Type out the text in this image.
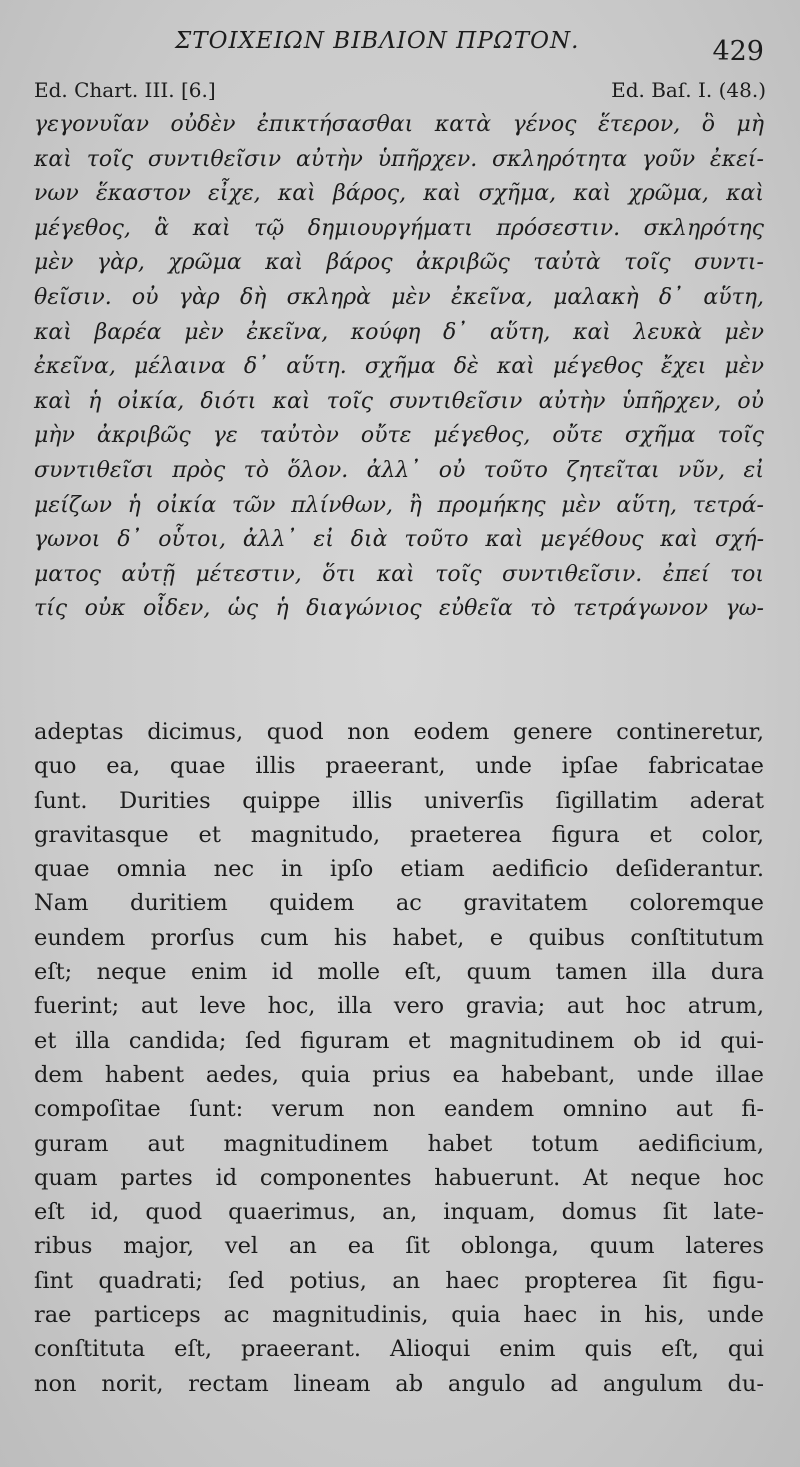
ΣΤΟΙΧΕΙΩΝ ΒΙΒΛΙΟΝ ΠΡΩΤΟΝ.	429
Ed. Chart. III. [6.]	Ed. Baſ. I. (48.)
γεγονυῖαν οὐδὲν ἐπικτήσασθαι κατὰ γένος ἕτερον, ὃ μὴ
καὶ τοῖς συντιθεῖσιν αὐτὴν ὑπῆρχεν. σκληρότητα γοῦν ἐκεί-
νων ἕκαστον εἶχε, καὶ βάρος, καὶ σχῆμα, καὶ χρῶμα, καὶ
μέγεθος, ἃ καὶ τῷ δημιουργήματι πρόσεστιν. σκληρότης
μὲν γὰρ, χρῶμα καὶ βάρος ἀκριβῶς ταὐτὰ τοῖς συντι-
θεῖσιν. οὐ γὰρ δὴ σκληρὰ μὲν ἐκεῖνα, μαλακὴ δ᾽ αὕτη,
καὶ βαρέα μὲν ἐκεῖνα, κούφη δ᾽ αὕτη, καὶ λευκὰ μὲν
ἐκεῖνα, μέλαινα δ᾽ αὕτη. σχῆμα δὲ καὶ μέγεθος ἔχει μὲν
καὶ ἡ οἰκία, διότι καὶ τοῖς συντιθεῖσιν αὐτὴν ὑπῆρχεν, οὐ
μὴν ἀκριβῶς γε ταὐτὸν οὔτε μέγεθος, οὔτε σχῆμα τοῖς
συντιθεῖσι πρὸς τὸ ὅλον. ἀλλ᾽ οὐ τοῦτο ζητεῖται νῦν, εἰ
μείζων ἡ οἰκία τῶν πλίνθων, ἢ προμήκης μὲν αὕτη, τετρά-
γωνοι δ᾽ οὗτοι, ἀλλ᾽ εἰ διὰ τοῦτο καὶ μεγέθους καὶ σχή-
ματος αὐτῇ μέτεστιν, ὅτι καὶ τοῖς συντιθεῖσιν. ἐπεί τοι
τίς οὐκ οἶδεν, ὡς ἡ διαγώνιος εὐθεῖα τὸ τετράγωνον γω-
adeptas dicimus, quod non eodem genere contineretur,
quo ea, quae illis praeerant, unde ipſae fabricatae
ſunt. Durities quippe illis univerſis ſigillatim aderat
gravitasque et magnitudo, praeterea figura et color,
quae omnia nec in ipſo etiam aedificio deſiderantur.
Nam duritiem quidem ac gravitatem coloremque
eundem prorſus cum his habet, e quibus conſtitutum
eſt; neque enim id molle eſt, quum tamen illa dura
fuerint; aut leve hoc, illa vero gravia; aut hoc atrum,
et illa candida; ſed figuram et magnitudinem ob id qui-
dem habent aedes, quia prius ea habebant, unde illae
compoſitae ſunt: verum non eandem omnino aut fi-
guram aut magnitudinem habet totum aedificium,
quam partes id componentes habuerunt. At neque hoc
eſt id, quod quaerimus, an, inquam, domus ſit late-
ribus major, vel an ea ſit oblonga, quum lateres
ſint quadrati; ſed potius, an haec propterea ſit figu-
rae particeps ac magnitudinis, quia haec in his, unde
conſtituta eſt, praeerant. Alioqui enim quis eſt, qui
non norit, rectam lineam ab angulo ad angulum du-
